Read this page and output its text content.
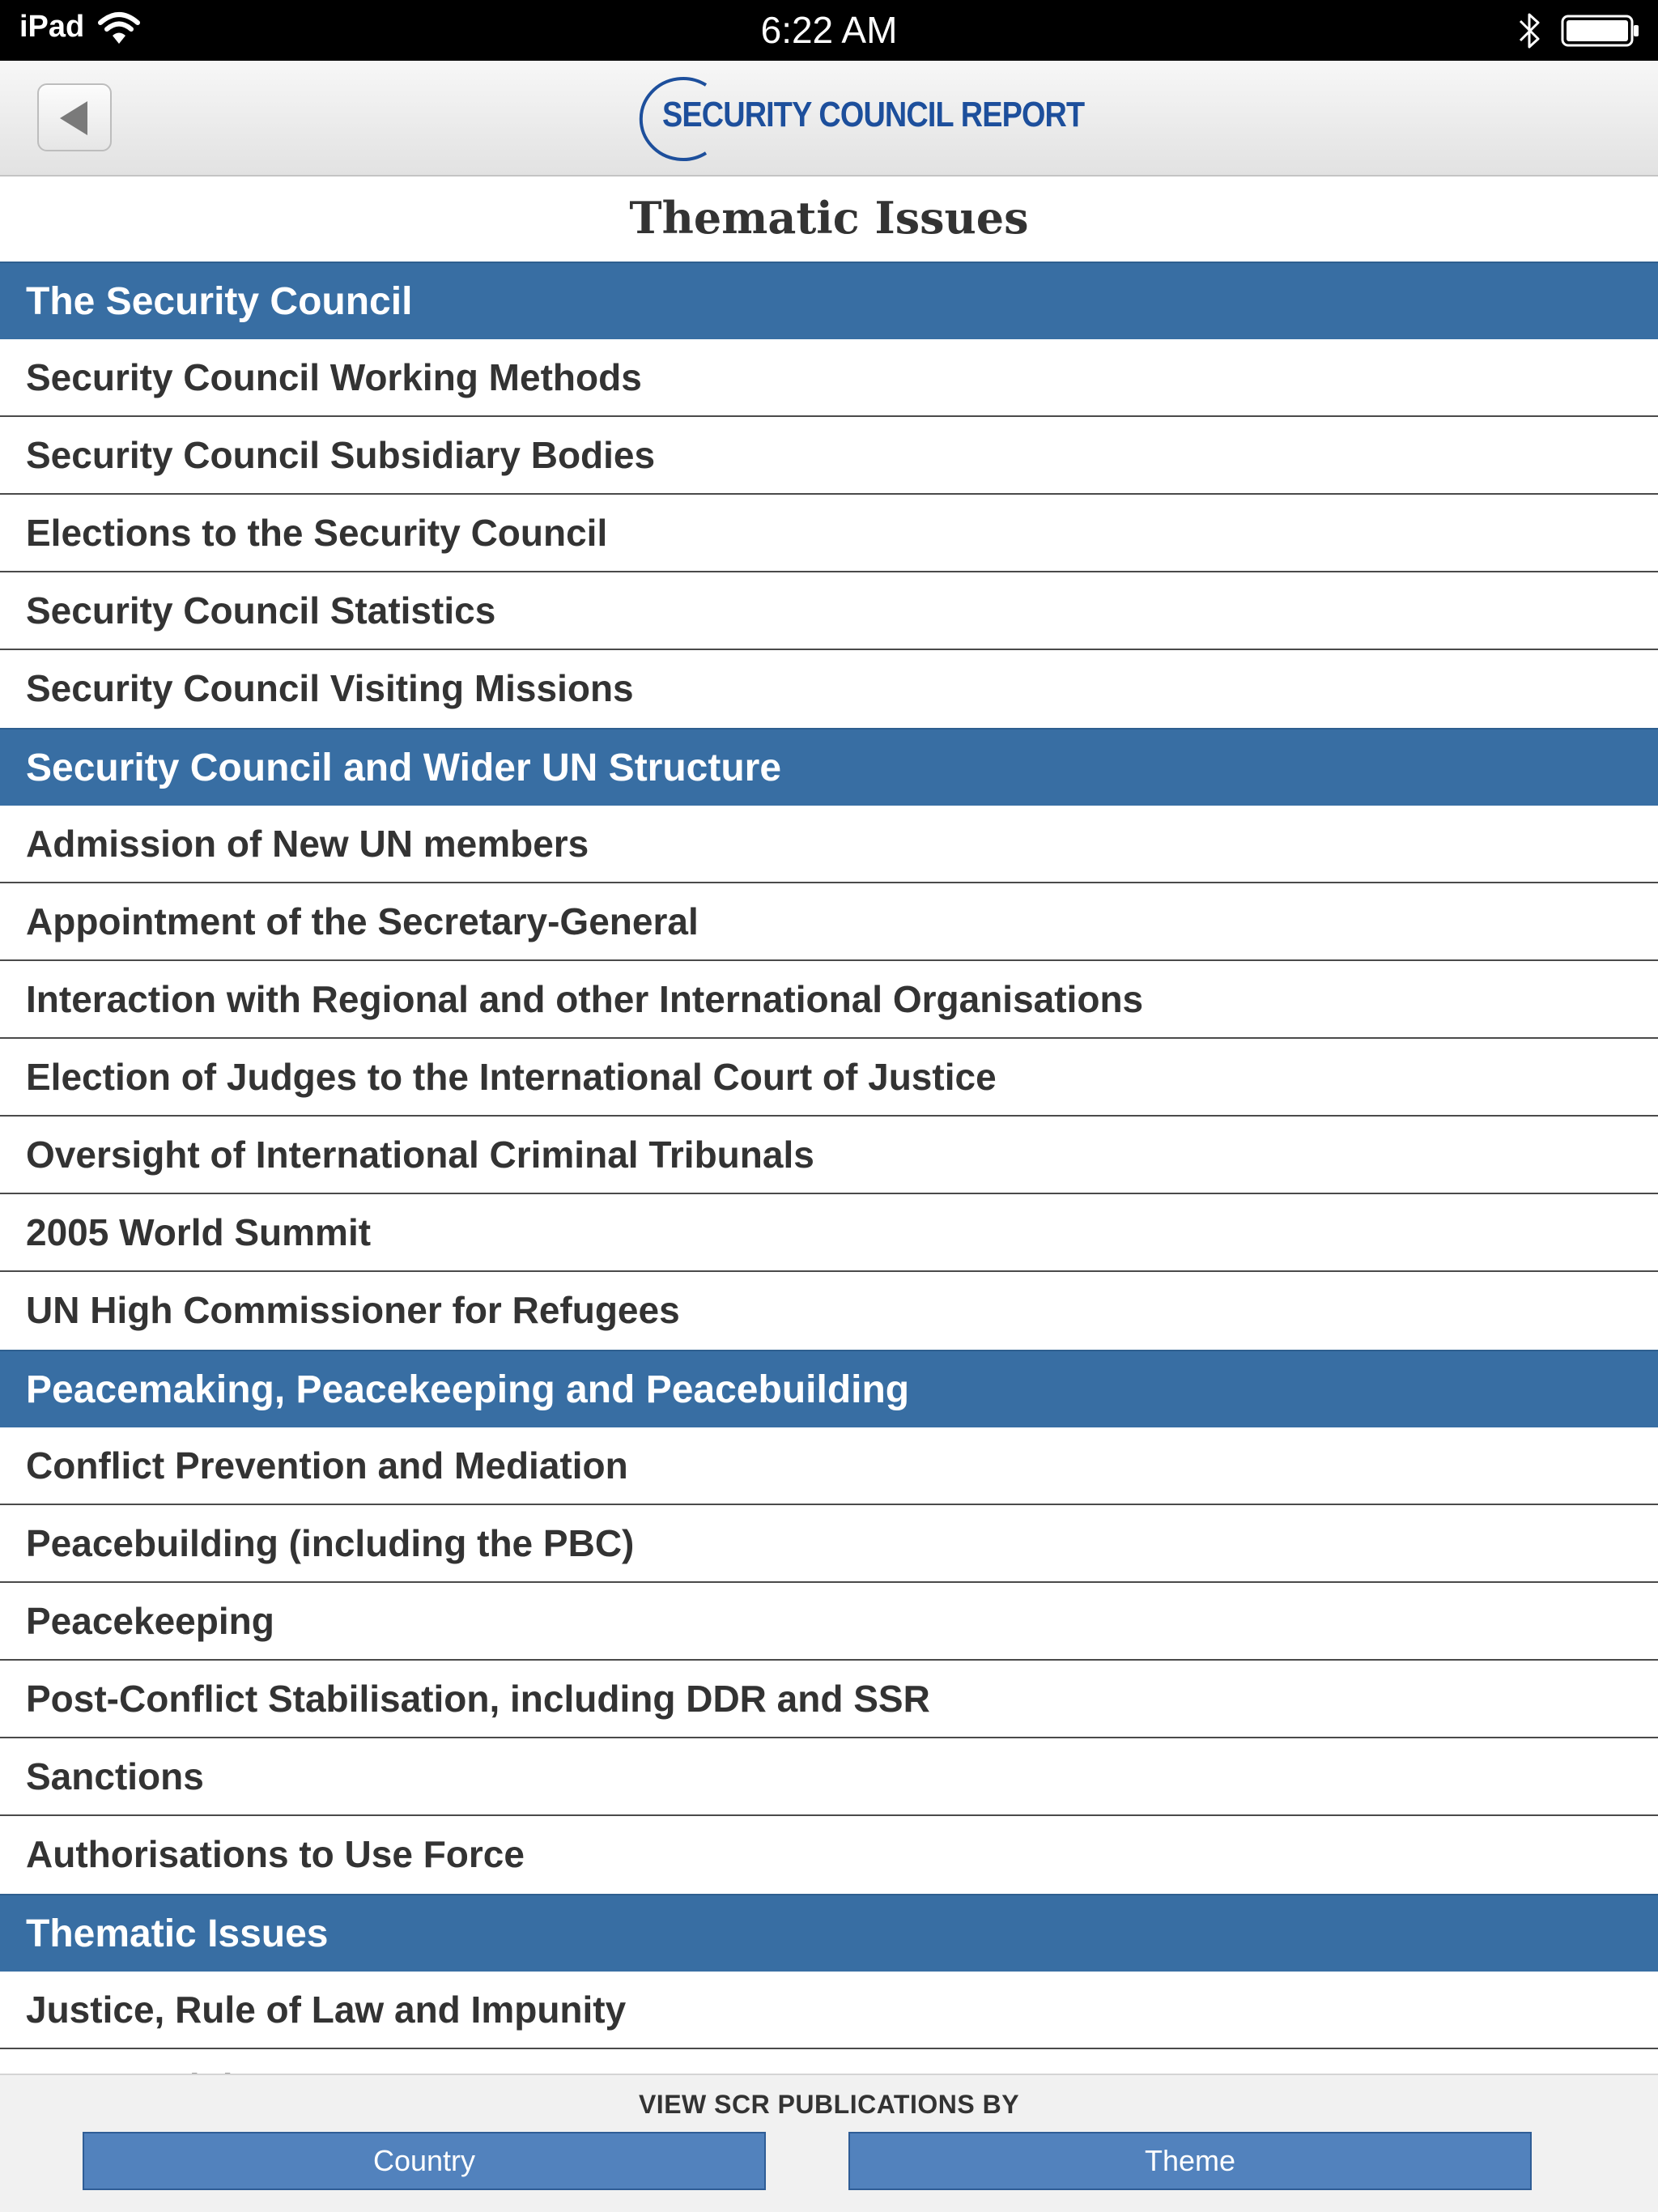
iPad	6:22 AM
SECURITY COUNCIL REPORT
Thematic Issues
The Security Council
Security Council Working Methods
Security Council Subsidiary Bodies
Elections to the Security Council
Security Council Statistics
Security Council Visiting Missions
Security Council and Wider UN Structure
Admission of New UN members
Appointment of the Secretary-General
Interaction with Regional and other International Organisations
Election of Judges to the International Court of Justice
Oversight of International Criminal Tribunals
2005 World Summit
UN High Commissioner for Refugees
Peacemaking, Peacekeeping and Peacebuilding
Conflict Prevention and Mediation
Peacebuilding (including the PBC)
Peacekeeping
Post-Conflict Stabilisation, including DDR and SSR
Sanctions
Authorisations to Use Force
Thematic Issues
Justice, Rule of Law and Impunity
VIEW SCR PUBLICATIONS BY
Country	Theme
